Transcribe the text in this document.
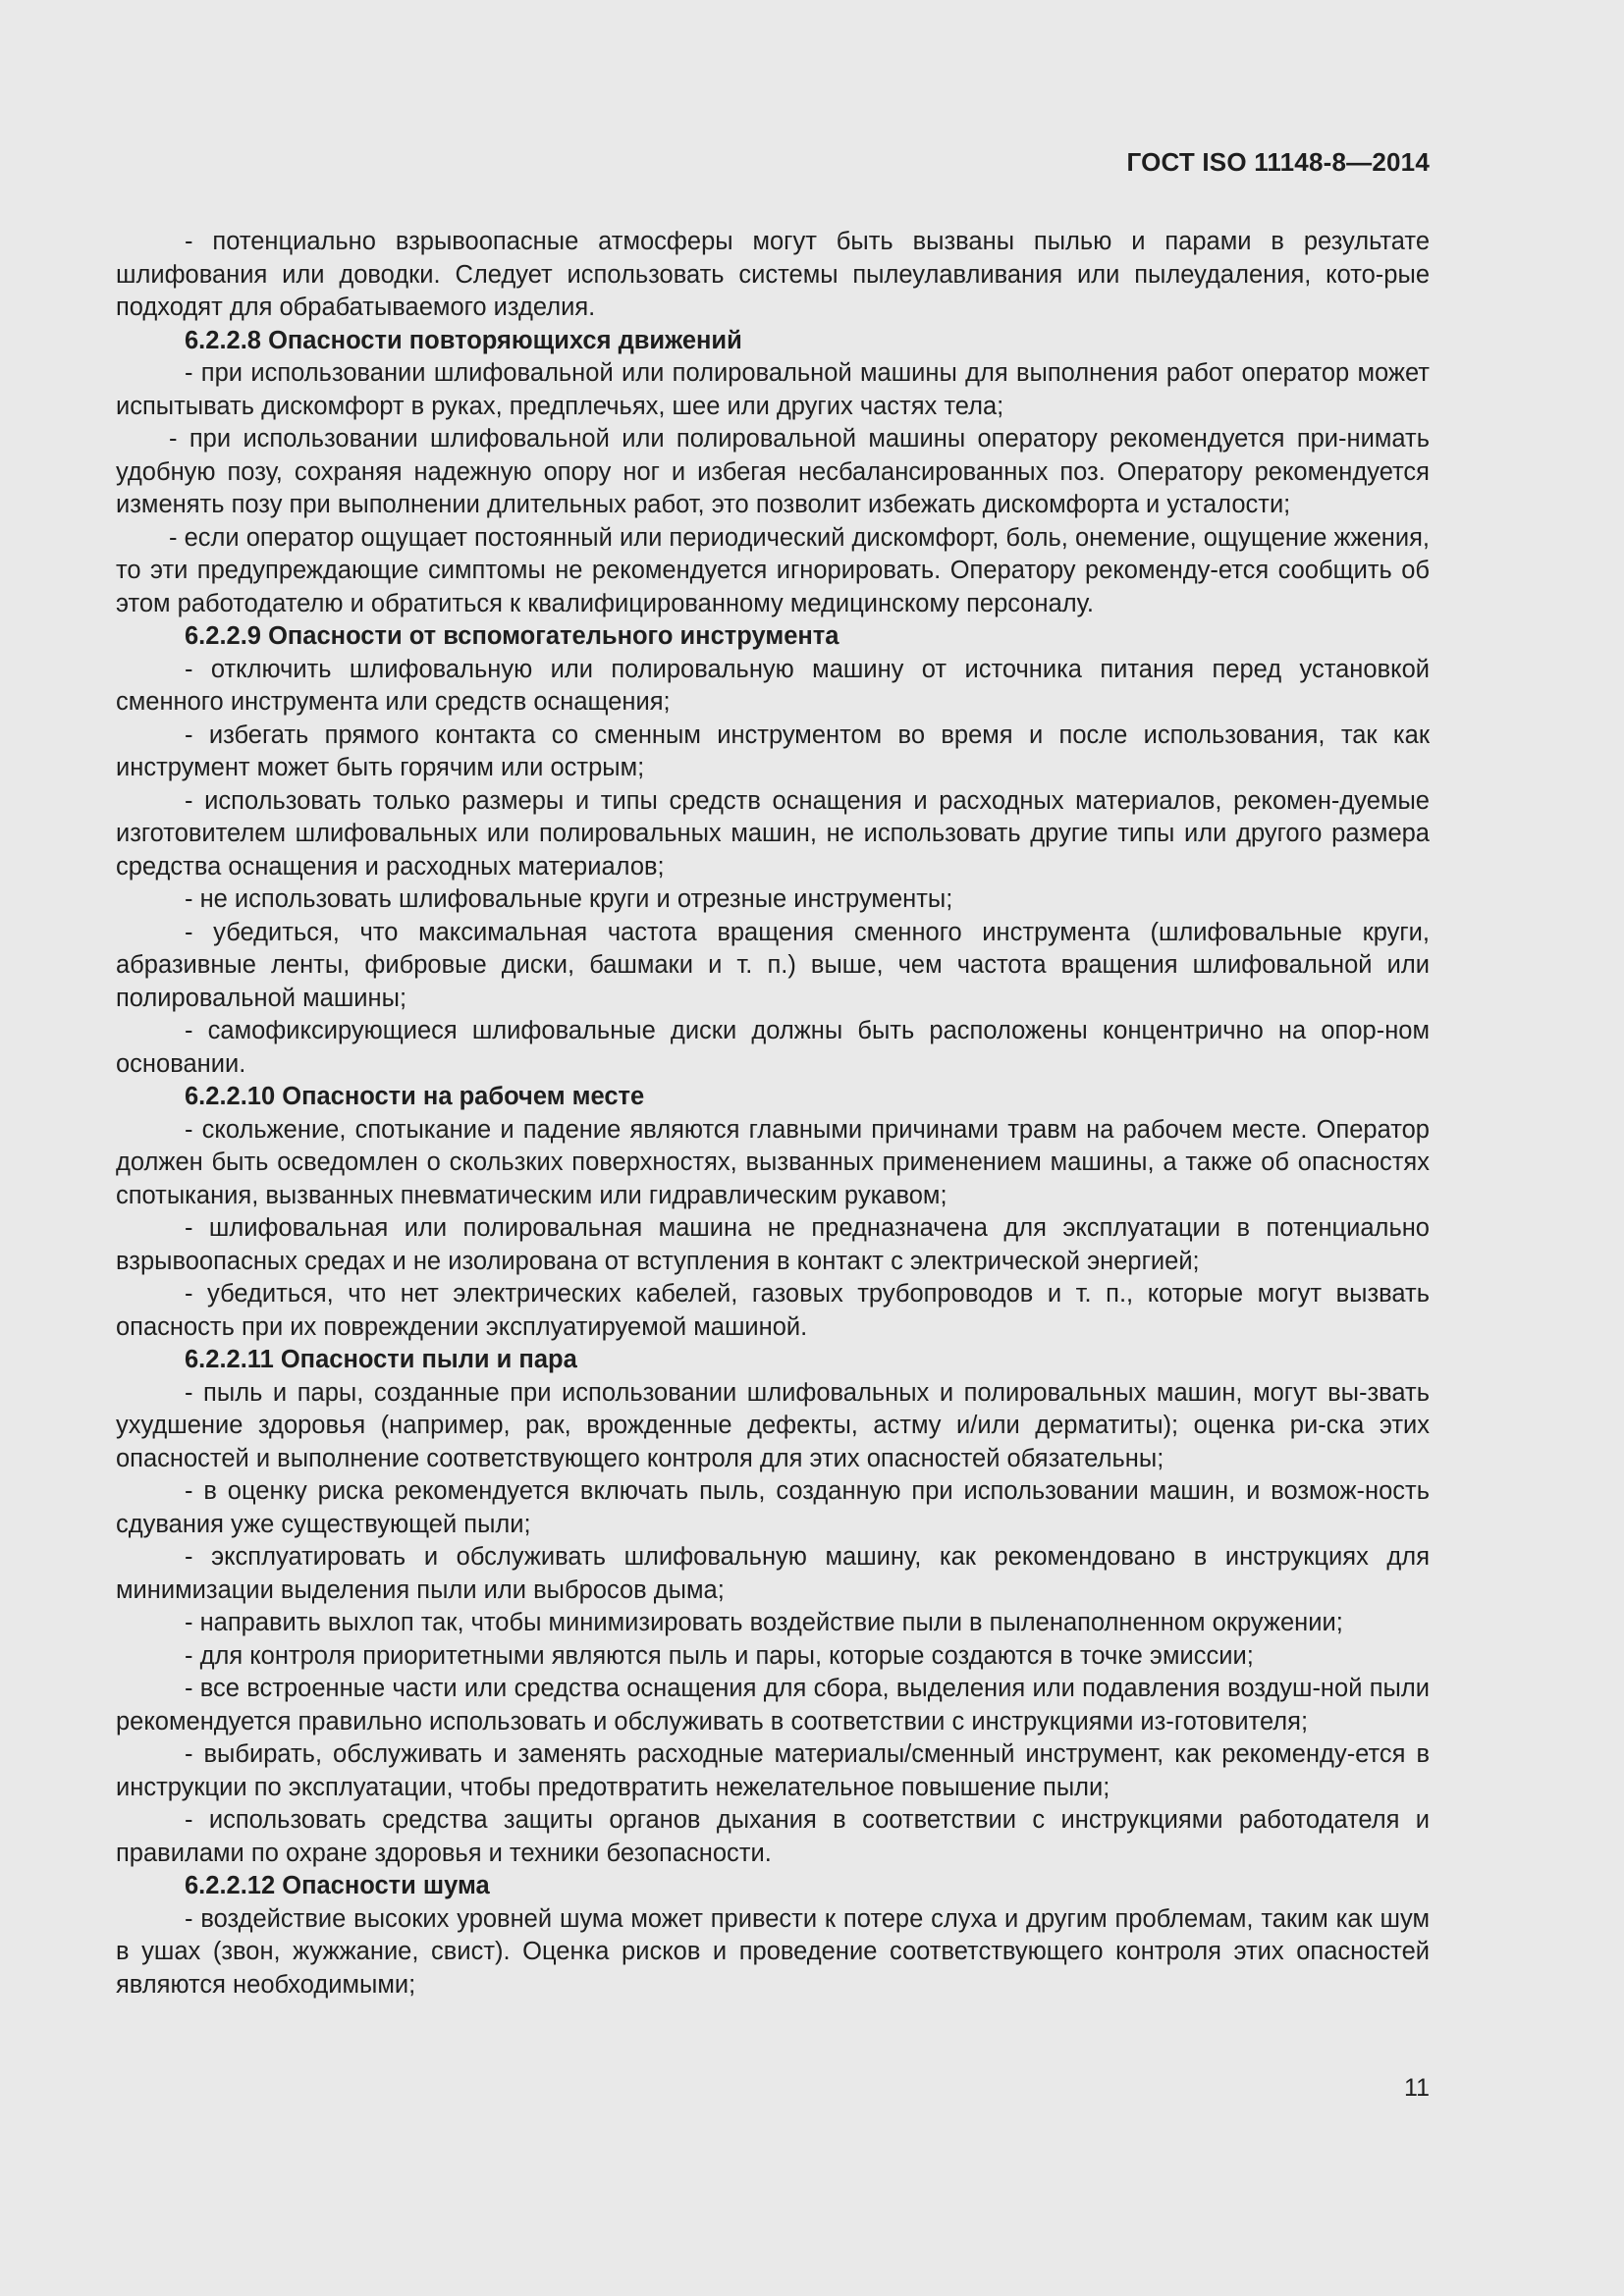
ГОСТ ISO 11148-8—2014

- потенциально взрывоопасные атмосферы могут быть вызваны пылью и парами в результате шлифования или доводки. Следует использовать системы пылеулавливания или пылеудаления, кото-рые подходят для обрабатываемого изделия.

6.2.2.8 Опасности повторяющихся движений

- при использовании шлифовальной или полировальной машины для выполнения работ оператор может испытывать дискомфорт в руках, предплечьях, шее или других частях тела;

- при использовании шлифовальной или полировальной машины оператору рекомендуется при-нимать удобную позу, сохраняя надежную опору ног и избегая несбалансированных поз. Оператору рекомендуется изменять позу при выполнении длительных работ, это позволит избежать дискомфорта и усталости;

- если оператор ощущает постоянный или периодический дискомфорт, боль, онемение, ощущение жжения, то эти предупреждающие симптомы не рекомендуется игнорировать. Оператору рекоменду-ется сообщить об этом работодателю и обратиться к квалифицированному медицинскому персоналу.

6.2.2.9 Опасности от вспомогательного инструмента

- отключить шлифовальную или полировальную машину от источника питания перед установкой сменного инструмента или средств оснащения;

- избегать прямого контакта со сменным инструментом во время и после использования, так как инструмент может быть горячим или острым;

- использовать только размеры и типы средств оснащения и расходных материалов, рекомен-дуемые изготовителем шлифовальных или полировальных машин, не использовать другие типы или другого размера средства оснащения и расходных материалов;

- не использовать шлифовальные круги и отрезные инструменты;

- убедиться, что максимальная частота вращения сменного инструмента (шлифовальные круги, абразивные ленты, фибровые диски, башмаки и т. п.) выше, чем частота вращения шлифовальной или полировальной машины;

- самофиксирующиеся шлифовальные диски должны быть расположены концентрично на опор-ном основании.

6.2.2.10 Опасности на рабочем месте

- скольжение, спотыкание и падение являются главными причинами травм на рабочем месте. Оператор должен быть осведомлен о скользких поверхностях, вызванных применением машины, а также об опасностях спотыкания, вызванных пневматическим или гидравлическим рукавом;

- шлифовальная или полировальная машина не предназначена для эксплуатации в потенциально взрывоопасных средах и не изолирована от вступления в контакт с электрической энергией;

- убедиться, что нет электрических кабелей, газовых трубопроводов и т. п., которые могут вызвать опасность при их повреждении эксплуатируемой машиной.

6.2.2.11 Опасности пыли и пара

- пыль и пары, созданные при использовании шлифовальных и полировальных машин, могут вы-звать ухудшение здоровья (например, рак, врожденные дефекты, астму и/или дерматиты); оценка ри-ска этих опасностей и выполнение соответствующего контроля для этих опасностей обязательны;

- в оценку риска рекомендуется включать пыль, созданную при использовании машин, и возмож-ность сдувания уже существующей пыли;

- эксплуатировать и обслуживать шлифовальную машину, как рекомендовано в инструкциях для минимизации выделения пыли или выбросов дыма;

- направить выхлоп так, чтобы минимизировать воздействие пыли в пыленаполненном окружении;

- для контроля приоритетными являются пыль и пары, которые создаются в точке эмиссии;

- все встроенные части или средства оснащения для сбора, выделения или подавления воздуш-ной пыли рекомендуется правильно использовать и обслуживать в соответствии с инструкциями из-готовителя;

- выбирать, обслуживать и заменять расходные материалы/сменный инструмент, как рекоменду-ется в инструкции по эксплуатации, чтобы предотвратить нежелательное повышение пыли;

- использовать средства защиты органов дыхания в соответствии с инструкциями работодателя и правилами по охране здоровья и техники безопасности.

6.2.2.12 Опасности шума

- воздействие высоких уровней шума может привести к потере слуха и другим проблемам, таким как шум в ушах (звон, жужжание, свист). Оценка рисков и проведение соответствующего контроля этих опасностей являются необходимыми;

11
